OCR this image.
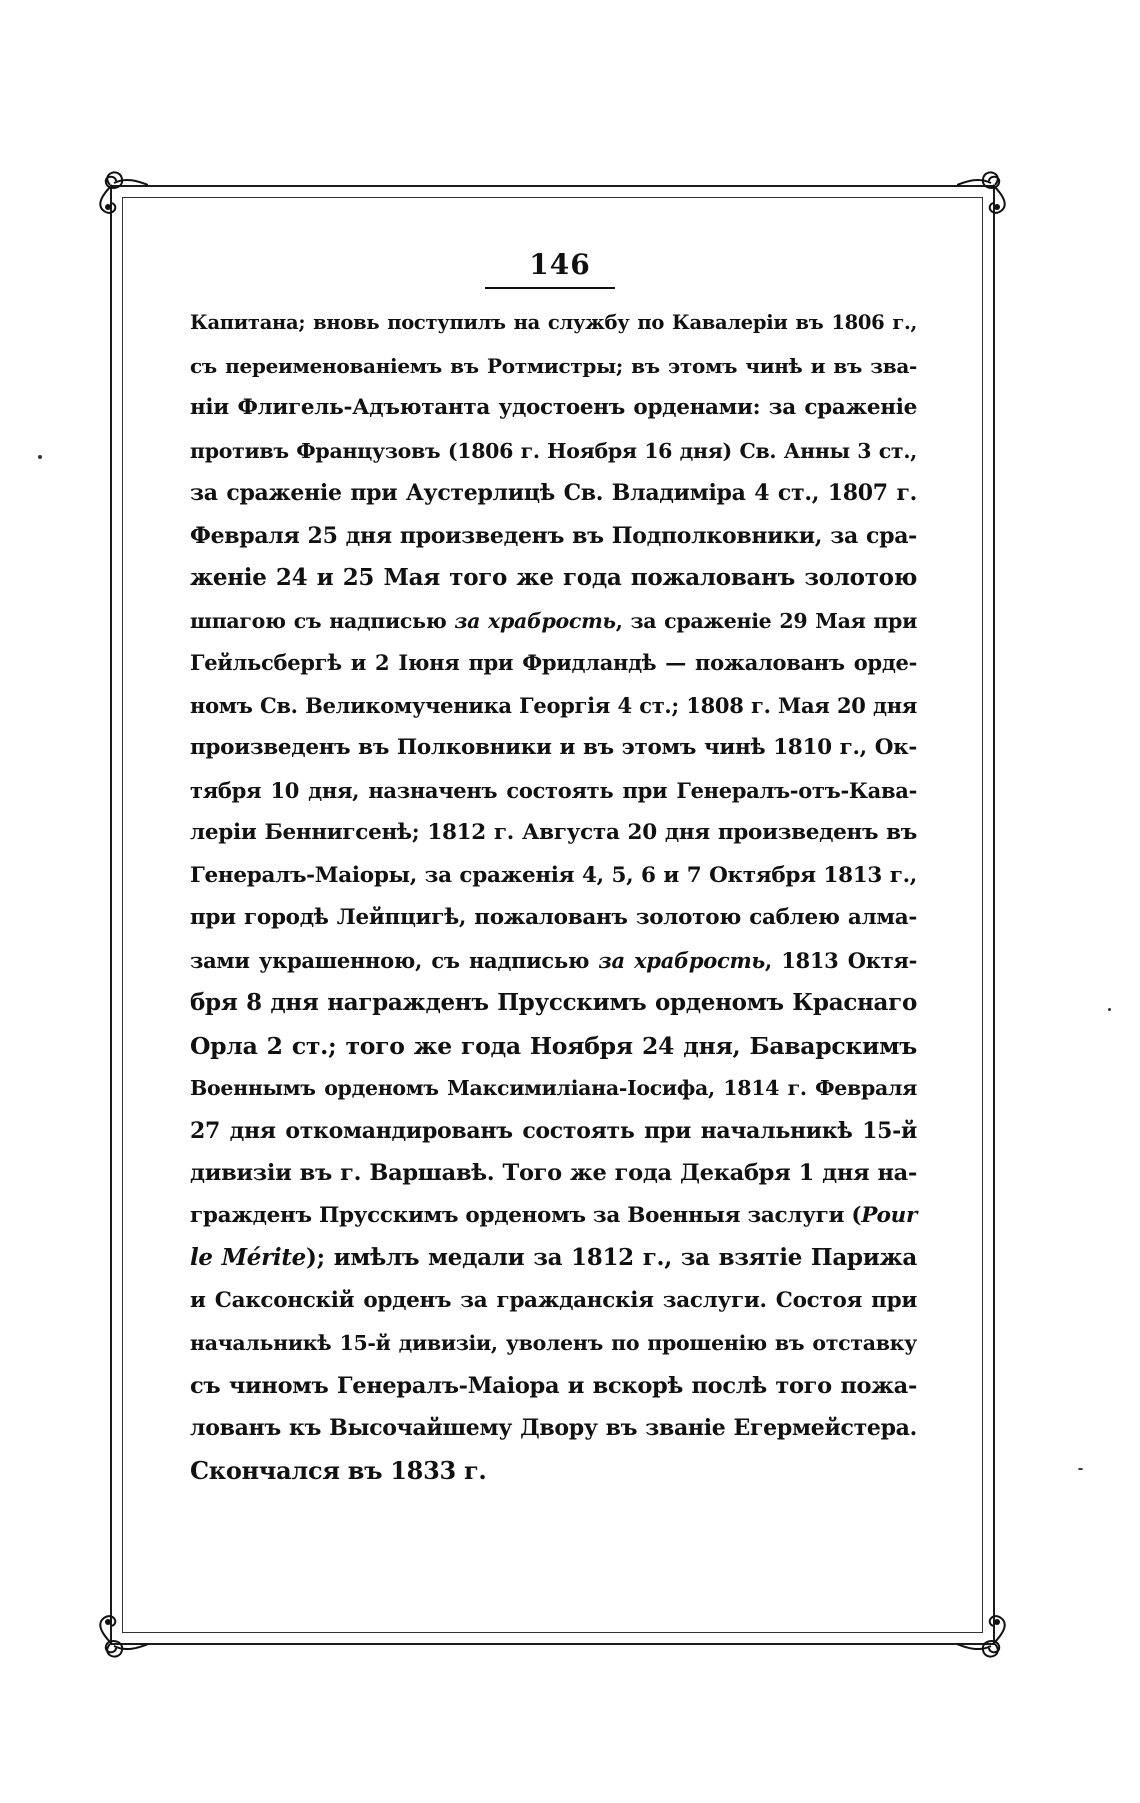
146
Капитана; вновь поступилъ на службу по Кавалеріи въ 1806 г.,
съ переименованіемъ въ Ротмистры; въ этомъ чинѣ и въ зва-
ніи Флигель-Адъютанта удостоенъ орденами: за сраженіе
противъ Французовъ (1806 г. Ноября 16 дня) Св. Анны 3 ст.,
за сраженіе при Аустерлицѣ Св. Владиміра 4 ст., 1807 г.
Февраля 25 дня произведенъ въ Подполковники, за сра-
женіе 24 и 25 Мая того же года пожалованъ золотою
шпагою съ надписью за храбрость, за сраженіе 29 Мая при
Гейльсбергѣ и 2 Іюня при Фридландѣ — пожалованъ орде-
номъ Св. Великомученика Георгія 4 ст.; 1808 г. Мая 20 дня
произведенъ въ Полковники и въ этомъ чинѣ 1810 г., Ок-
тября 10 дня, назначенъ состоять при Генералъ-отъ-Кава-
леріи Беннигсенѣ; 1812 г. Августа 20 дня произведенъ въ
Генералъ-Маіоры, за сраженія 4, 5, 6 и 7 Октября 1813 г.,
при городѣ Лейпцигѣ, пожалованъ золотою саблею алма-
зами украшенною, съ надписью за храбрость, 1813 Октя-
бря 8 дня награжденъ Прусскимъ орденомъ Краснаго
Орла 2 ст.; того же года Ноября 24 дня, Баварскимъ
Военнымъ орденомъ Максимиліана-Іосифа, 1814 г. Февраля
27 дня откомандированъ состоять при начальникѣ 15-й
дивизіи въ г. Варшавѣ. Того же года Декабря 1 дня на-
гражденъ Прусскимъ орденомъ за Военныя заслуги (Pour
le Mérite); имѣлъ медали за 1812 г., за взятіе Парижа
и Саксонскій орденъ за гражданскія заслуги. Состоя при
начальникѣ 15-й дивизіи, уволенъ по прошенію въ отставку
съ чиномъ Генералъ-Маіора и вскорѣ послѣ того пожа-
лованъ къ Высочайшему Двору въ званіе Егермейстера.
Скончался въ 1833 г.
